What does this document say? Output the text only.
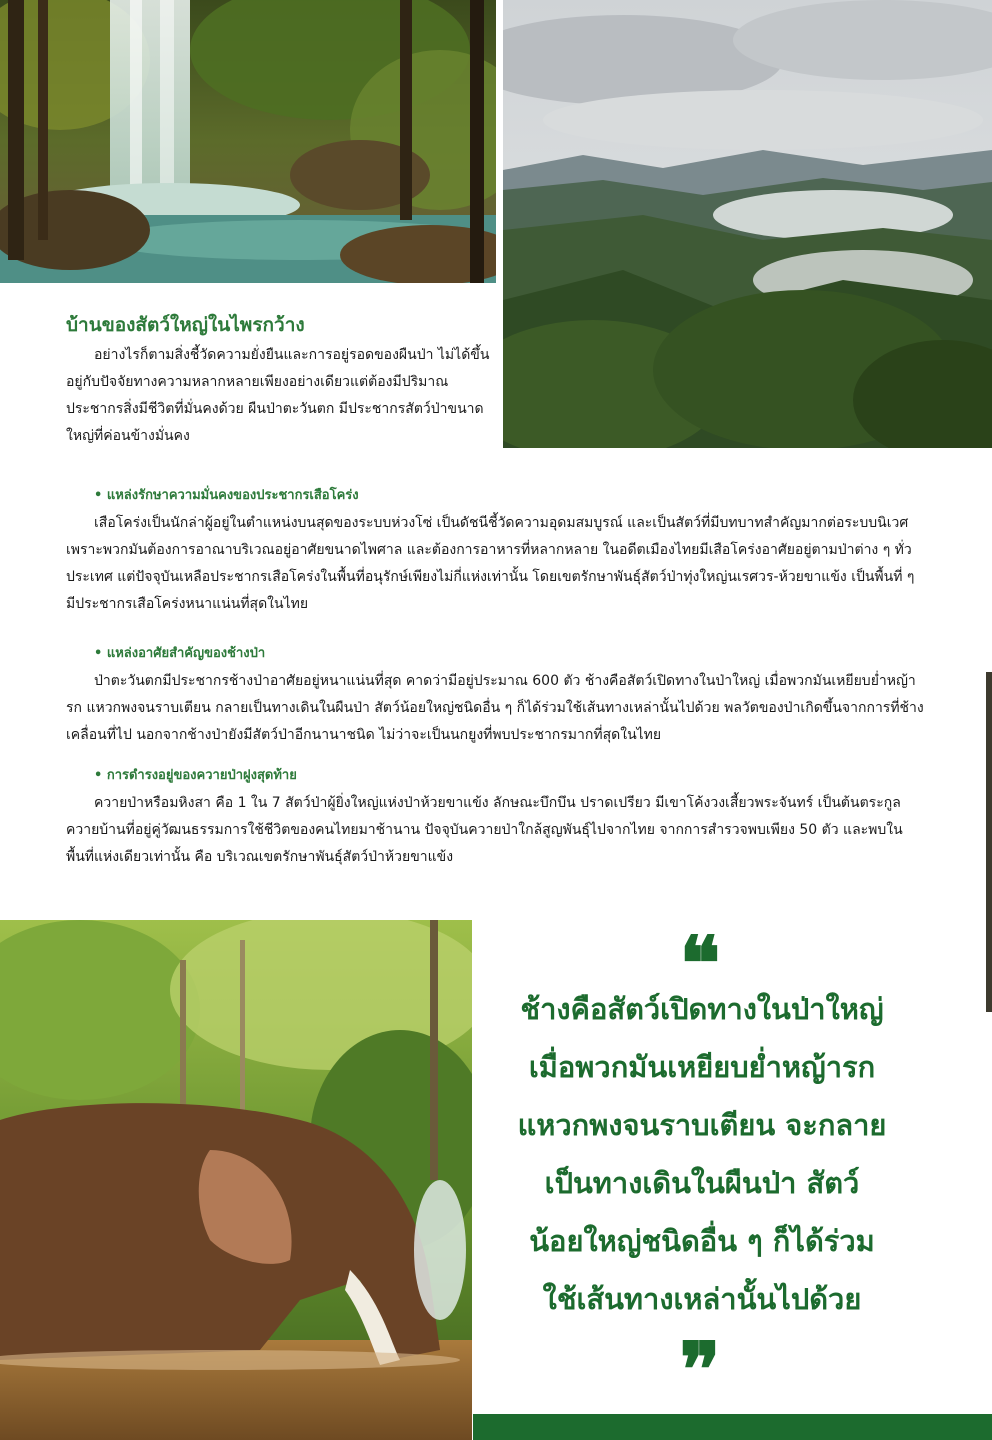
บ้านของสัตว์ใหญ่ในไพรกว้าง

อย่างไรก็ตามสิ่งชี้วัดความยั่งยืนและการอยู่รอดของผืนป่า ไม่ได้ขึ้นอยู่กับปัจจัยทางความหลากหลายเพียงอย่างเดียวแต่ต้องมีปริมาณประชากรสิ่งมีชีวิตที่มั่นคงด้วย ผืนป่าตะวันตก มีประชากรสัตว์ป่าขนาดใหญ่ที่ค่อนข้างมั่นคง

• แหล่งรักษาความมั่นคงของประชากรเสือโคร่ง

เสือโคร่งเป็นนักล่าผู้อยู่ในตำแหน่งบนสุดของระบบห่วงโซ่ เป็นดัชนีชี้วัดความอุดมสมบูรณ์ และเป็นสัตว์ที่มีบทบาทสำคัญมากต่อระบบนิเวศ เพราะพวกมันต้องการอาณาบริเวณอยู่อาศัยขนาดไพศาล และต้องการอาหารที่หลากหลาย ในอดีตเมืองไทยมีเสือโคร่งอาศัยอยู่ตามป่าต่าง ๆ ทั่วประเทศ แต่ปัจจุบันเหลือประชากรเสือโคร่งในพื้นที่อนุรักษ์เพียงไม่กี่แห่งเท่านั้น โดยเขตรักษาพันธุ์สัตว์ป่าทุ่งใหญ่นเรศวร-ห้วยขาแข้ง เป็นพื้นที่ ๆ มีประชากรเสือโคร่งหนาแน่นที่สุดในไทย

• แหล่งอาศัยสำคัญของช้างป่า

ป่าตะวันตกมีประชากรช้างป่าอาศัยอยู่หนาแน่นที่สุด คาดว่ามีอยู่ประมาณ 600 ตัว ช้างคือสัตว์เปิดทางในป่าใหญ่ เมื่อพวกมันเหยียบย่ำหญ้ารก แหวกพงจนราบเตียน กลายเป็นทางเดินในผืนป่า สัตว์น้อยใหญ่ชนิดอื่น ๆ ก็ได้ร่วมใช้เส้นทางเหล่านั้นไปด้วย พลวัตของป่าเกิดขึ้นจากการที่ช้างเคลื่อนที่ไป นอกจากช้างป่ายังมีสัตว์ป่าอีกนานาชนิด ไม่ว่าจะเป็นนกยูงที่พบประชากรมากที่สุดในไทย

• การดำรงอยู่ของควายป่าฝูงสุดท้าย

ควายป่าหรือมหิงสา คือ 1 ใน 7 สัตว์ป่าผู้ยิ่งใหญ่แห่งป่าห้วยขาแข้ง ลักษณะบึกบึน ปราดเปรียว มีเขาโค้งวงเสี้ยวพระจันทร์ เป็นต้นตระกูลควายบ้านที่อยู่คู่วัฒนธรรมการใช้ชีวิตของคนไทยมาช้านาน ปัจจุบันควายป่าใกล้สูญพันธุ์ไปจากไทย จากการสำรวจพบเพียง 50 ตัว และพบในพื้นที่แห่งเดียวเท่านั้น คือ บริเวณเขตรักษาพันธุ์สัตว์ป่าห้วยขาแข้ง

❝
ช้างคือสัตว์เปิดทางในป่าใหญ่
เมื่อพวกมันเหยียบย่ำหญ้ารก
แหวกพงจนราบเตียน จะกลาย
เป็นทางเดินในผืนป่า สัตว์
น้อยใหญ่ชนิดอื่น ๆ ก็ได้ร่วม
ใช้เส้นทางเหล่านั้นไปด้วย
❞
